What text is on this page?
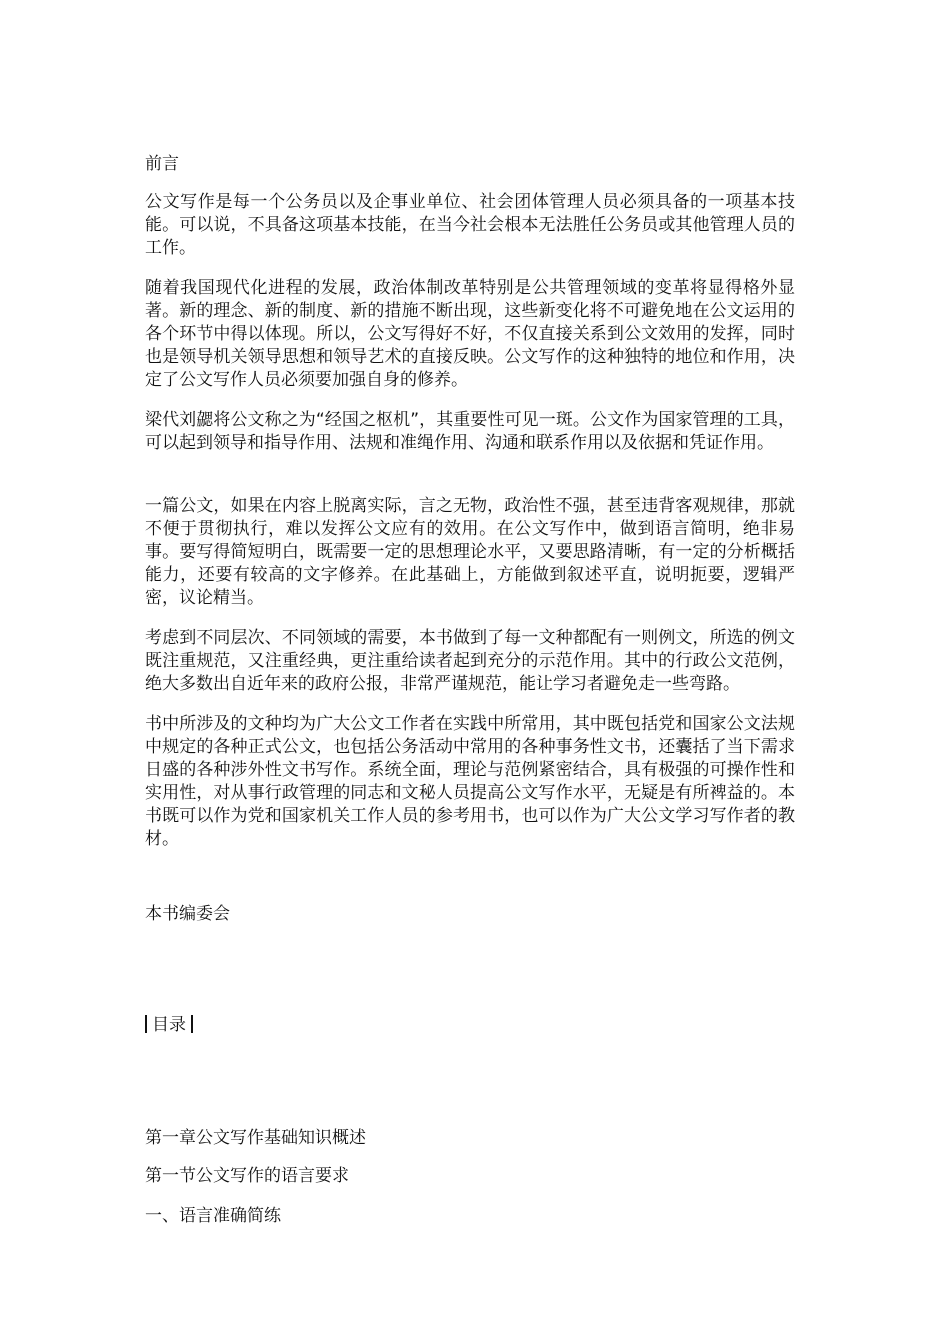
前言

公文写作是每一个公务员以及企事业单位、社会团体管理人员必须具备的一项基本技能。可以说，不具备这项基本技能，在当今社会根本无法胜任公务员或其他管理人员的工作。

随着我国现代化进程的发展，政治体制改革特别是公共管理领域的变革将显得格外显著。新的理念、新的制度、新的措施不断出现，这些新变化将不可避免地在公文运用的各个环节中得以体现。所以，公文写得好不好，不仅直接关系到公文效用的发挥，同时也是领导机关领导思想和领导艺术的直接反映。公文写作的这种独特的地位和作用，决定了公文写作人员必须要加强自身的修养。

梁代刘勰将公文称之为“经国之枢机”，其重要性可见一斑。公文作为国家管理的工具，可以起到领导和指导作用、法规和准绳作用、沟通和联系作用以及依据和凭证作用。

一篇公文，如果在内容上脱离实际，言之无物，政治性不强，甚至违背客观规律，那就不便于贯彻执行，难以发挥公文应有的效用。在公文写作中，做到语言简明，绝非易事。要写得简短明白，既需要一定的思想理论水平，又要思路清晰，有一定的分析概括能力，还要有较高的文字修养。在此基础上，方能做到叙述平直，说明扼要，逻辑严密，议论精当。

考虑到不同层次、不同领域的需要，本书做到了每一文种都配有一则例文，所选的例文既注重规范，又注重经典，更注重给读者起到充分的示范作用。其中的行政公文范例，绝大多数出自近年来的政府公报，非常严谨规范，能让学习者避免走一些弯路。

书中所涉及的文种均为广大公文工作者在实践中所常用，其中既包括党和国家公文法规中规定的各种正式公文，也包括公务活动中常用的各种事务性文书，还囊括了当下需求日盛的各种涉外性文书写作。系统全面，理论与范例紧密结合，具有极强的可操作性和实用性，对从事行政管理的同志和文秘人员提高公文写作水平，无疑是有所裨益的。本书既可以作为党和国家机关工作人员的参考用书，也可以作为广大公文学习写作者的教材。

本书编委会

目录

第一章公文写作基础知识概述

第一节公文写作的语言要求

一、语言准确简练
